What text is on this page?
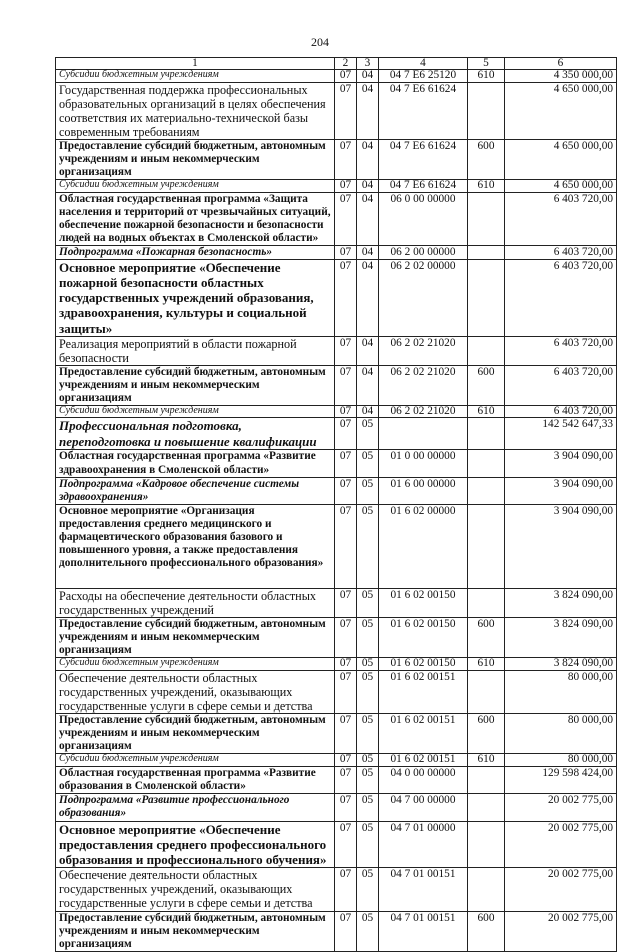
204
1	2	3	4	5	6
Субсидии бюджетным учреждениям	07	04	04 7 Е6 25120	610	4 350 000,00
Государственная поддержка профессиональных образовательных организаций в целях обеспечения соответствия их материально-технической базы современным требованиям	07	04	04 7 Е6 61624		4 650 000,00
Предоставление субсидий бюджетным, автономным учреждениям и иным некоммерческим организациям	07	04	04 7 Е6 61624	600	4 650 000,00
Субсидии бюджетным учреждениям	07	04	04 7 Е6 61624	610	4 650 000,00
Областная государственная программа «Защита населения и территорий от чрезвычайных ситуаций, обеспечение пожарной безопасности и безопасности людей на водных объектах в Смоленской области»	07	04	06 0 00 00000		6 403 720,00
Подпрограмма «Пожарная безопасность»	07	04	06 2 00 00000		6 403 720,00
Основное мероприятие «Обеспечение пожарной безопасности областных государственных учреждений образования, здравоохранения, культуры и социальной защиты»	07	04	06 2 02 00000		6 403 720,00
Реализация мероприятий в области пожарной безопасности	07	04	06 2 02 21020		6 403 720,00
Предоставление субсидий бюджетным, автономным учреждениям и иным некоммерческим организациям	07	04	06 2 02 21020	600	6 403 720,00
Субсидии бюджетным учреждениям	07	04	06 2 02 21020	610	6 403 720,00
Профессиональная подготовка, переподготовка и повышение квалификации	07	05			142 542 647,33
Областная государственная программа «Развитие здравоохранения в Смоленской области»	07	05	01 0 00 00000		3 904 090,00
Подпрограмма «Кадровое обеспечение системы здравоохранения»	07	05	01 6 00 00000		3 904 090,00
Основное мероприятие «Организация предоставления среднего медицинского и фармацевтического образования базового и повышенного уровня, а также предоставления дополнительного профессионального образования»	07	05	01 6 02 00000		3 904 090,00
Расходы на обеспечение деятельности областных государственных учреждений	07	05	01 6 02 00150		3 824 090,00
Предоставление субсидий бюджетным, автономным учреждениям и иным некоммерческим организациям	07	05	01 6 02 00150	600	3 824 090,00
Субсидии бюджетным учреждениям	07	05	01 6 02 00150	610	3 824 090,00
Обеспечение деятельности областных государственных учреждений, оказывающих государственные услуги в сфере семьи и детства	07	05	01 6 02 00151		80 000,00
Предоставление субсидий бюджетным, автономным учреждениям и иным некоммерческим организациям	07	05	01 6 02 00151	600	80 000,00
Субсидии бюджетным учреждениям	07	05	01 6 02 00151	610	80 000,00
Областная государственная программа «Развитие образования в Смоленской области»	07	05	04 0 00 00000		129 598 424,00
Подпрограмма «Развитие профессионального образования»	07	05	04 7 00 00000		20 002 775,00
Основное мероприятие «Обеспечение предоставления среднего профессионального образования и профессионального обучения»	07	05	04 7 01 00000		20 002 775,00
Обеспечение деятельности областных государственных учреждений, оказывающих государственные услуги в сфере семьи и детства	07	05	04 7 01 00151		20 002 775,00
Предоставление субсидий бюджетным, автономным учреждениям и иным некоммерческим организациям	07	05	04 7 01 00151	600	20 002 775,00
